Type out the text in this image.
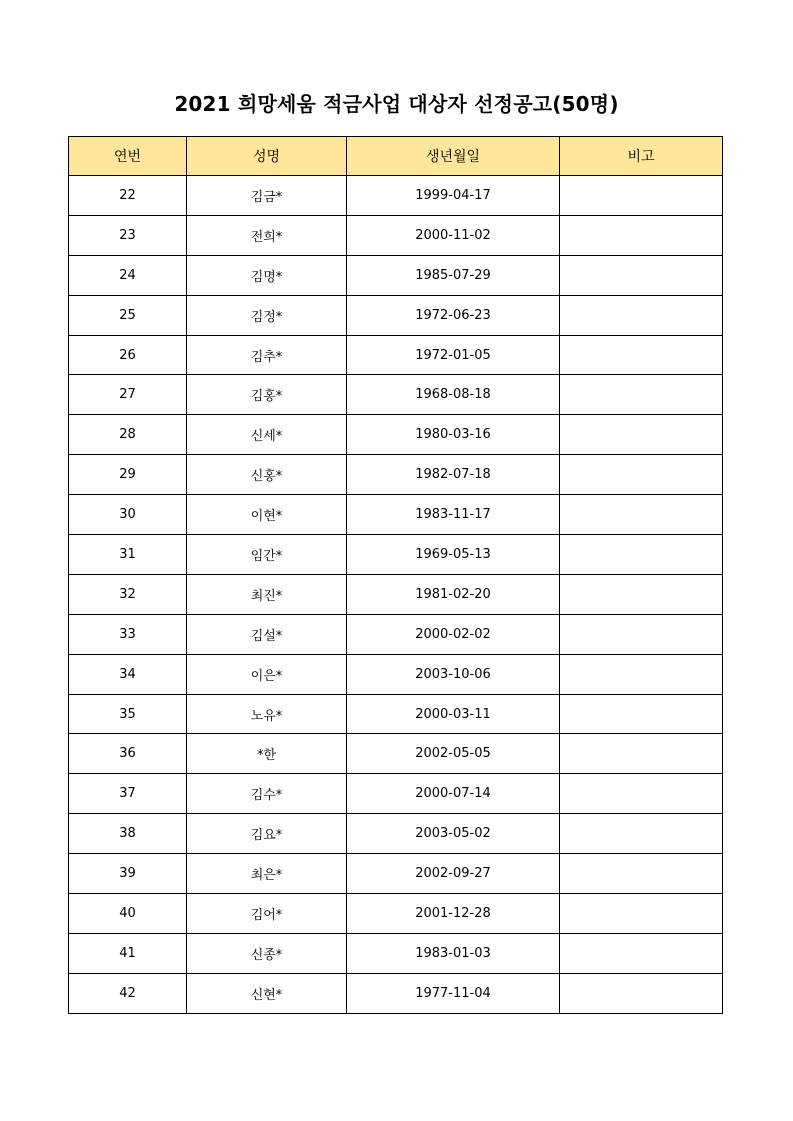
2021 희망세움 적금사업 대상자 선정공고(50명)
연번	성명	생년월일	비고
22	김금*	1999-04-17	
23	전희*	2000-11-02	
24	김명*	1985-07-29	
25	김정*	1972-06-23	
26	김추*	1972-01-05	
27	김홍*	1968-08-18	
28	신세*	1980-03-16	
29	신홍*	1982-07-18	
30	이현*	1983-11-17	
31	임간*	1969-05-13	
32	최진*	1981-02-20	
33	김설*	2000-02-02	
34	이은*	2003-10-06	
35	노유*	2000-03-11	
36	*한	2002-05-05	
37	김수*	2000-07-14	
38	김요*	2003-05-02	
39	최은*	2002-09-27	
40	김어*	2001-12-28	
41	신종*	1983-01-03	
42	신현*	1977-11-04	
